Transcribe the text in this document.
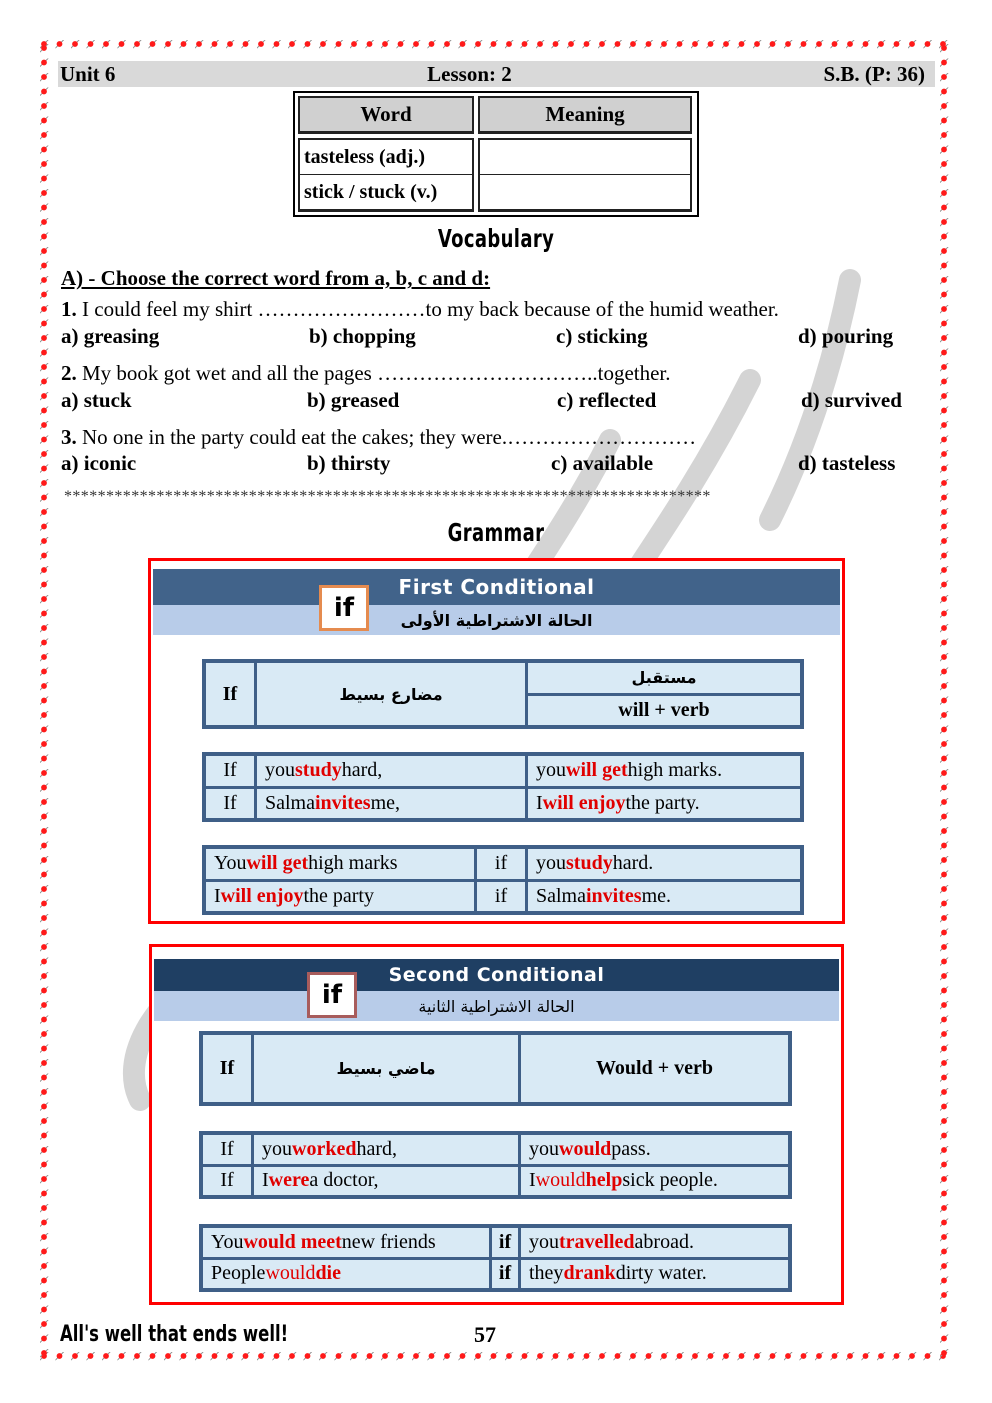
Unit 6	Lesson: 2	S.B. (P: 36)
Word	Meaning
tasteless (adj.)
stick / stuck (v.)
Vocabulary
A) - Choose the correct word from a, b, c and d:
1. I could feel my shirt ……………………to my back because of the humid weather.
a) greasing	b) chopping	c) sticking	d) pouring
2. My book got wet and all the pages …………………………..together.
a) stuck	b) greased	c) reflected	d) survived
3. No one in the party could eat the cakes; they were.………………………
a) iconic	b) thirsty	c) available	d) tasteless
*****************************************************************************
Grammar
First Conditional
الحالة الاشتراطية الأولى
if
If	مضارع بسيط
مستقبل
will + verb
If	you study hard,	you will get high marks.
If	Salma invites me,	I will enjoy the party.
You will get high marks	if	you study hard.
I will enjoy the party	if	Salma invites me.
Second Conditional
الحالة الاشتراطية الثانية
if
If	ماضي بسيط	Would + verb
If	you worked hard,	you would pass.
If	I were a doctor,	I would help sick people.
You would meet new friends	if you travelled abroad.
People would die	if they drank dirty water.
All's well that ends well!	57
